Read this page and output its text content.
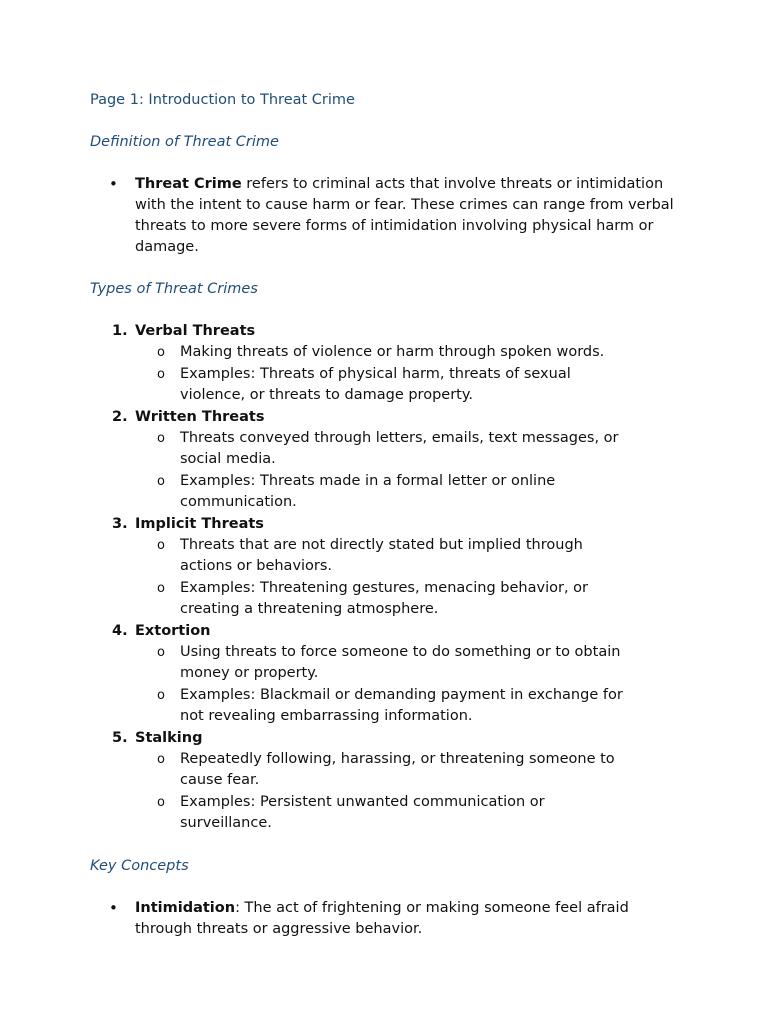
Page 1: Introduction to Threat Crime
Definition of Threat Crime
• Threat Crime refers to criminal acts that involve threats or intimidation with the intent to cause harm or fear. These crimes can range from verbal threats to more severe forms of intimidation involving physical harm or damage.
Types of Threat Crimes
1. Verbal Threats
o Making threats of violence or harm through spoken words.
o Examples: Threats of physical harm, threats of sexual violence, or threats to damage property.
2. Written Threats
o Threats conveyed through letters, emails, text messages, or social media.
o Examples: Threats made in a formal letter or online communication.
3. Implicit Threats
o Threats that are not directly stated but implied through actions or behaviors.
o Examples: Threatening gestures, menacing behavior, or creating a threatening atmosphere.
4. Extortion
o Using threats to force someone to do something or to obtain money or property.
o Examples: Blackmail or demanding payment in exchange for not revealing embarrassing information.
5. Stalking
o Repeatedly following, harassing, or threatening someone to cause fear.
o Examples: Persistent unwanted communication or surveillance.
Key Concepts
• Intimidation: The act of frightening or making someone feel afraid through threats or aggressive behavior.
